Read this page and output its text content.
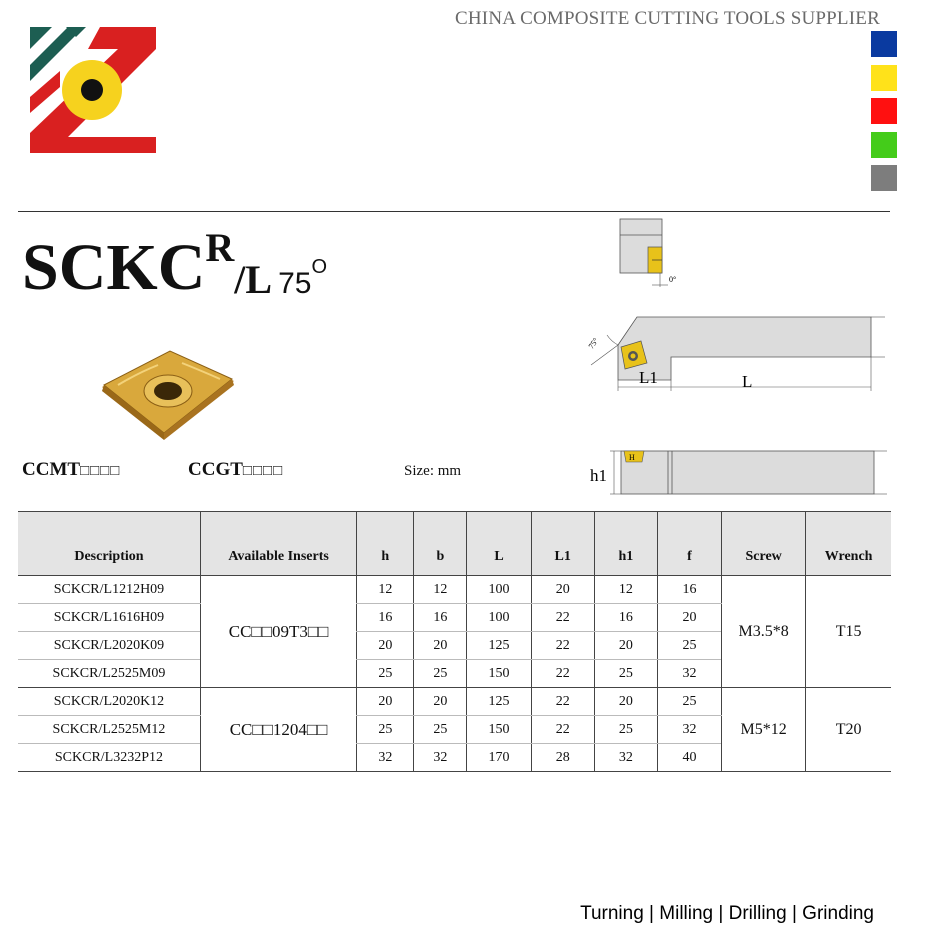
CHINA COMPOSITE CUTTING TOOLS SUPPLIER
$SCKC^R/L$ $75^O$
0°
75°
L1	L
CCMT□□□□	CCGT□□□□	Size: mm
H
h1
Description	Available Inserts	h	b	L	L1	h1	f	Screw	Wrench
SCKCR/L1212H09	CC□□09T3□□	12	12	100	20	12	16	M3.5*8	T15
SCKCR/L1616H09		16	16	100	22	16	20		
SCKCR/L2020K09		20	20	125	22	20	25		
SCKCR/L2525M09		25	25	150	22	25	32		
SCKCR/L2020K12	CC□□1204□□	20	20	125	22	20	25	M5*12	T20
SCKCR/L2525M12		25	25	150	22	25	32		
SCKCR/L3232P12		32	32	170	28	32	40		
Turning | Milling | Drilling | Grinding
